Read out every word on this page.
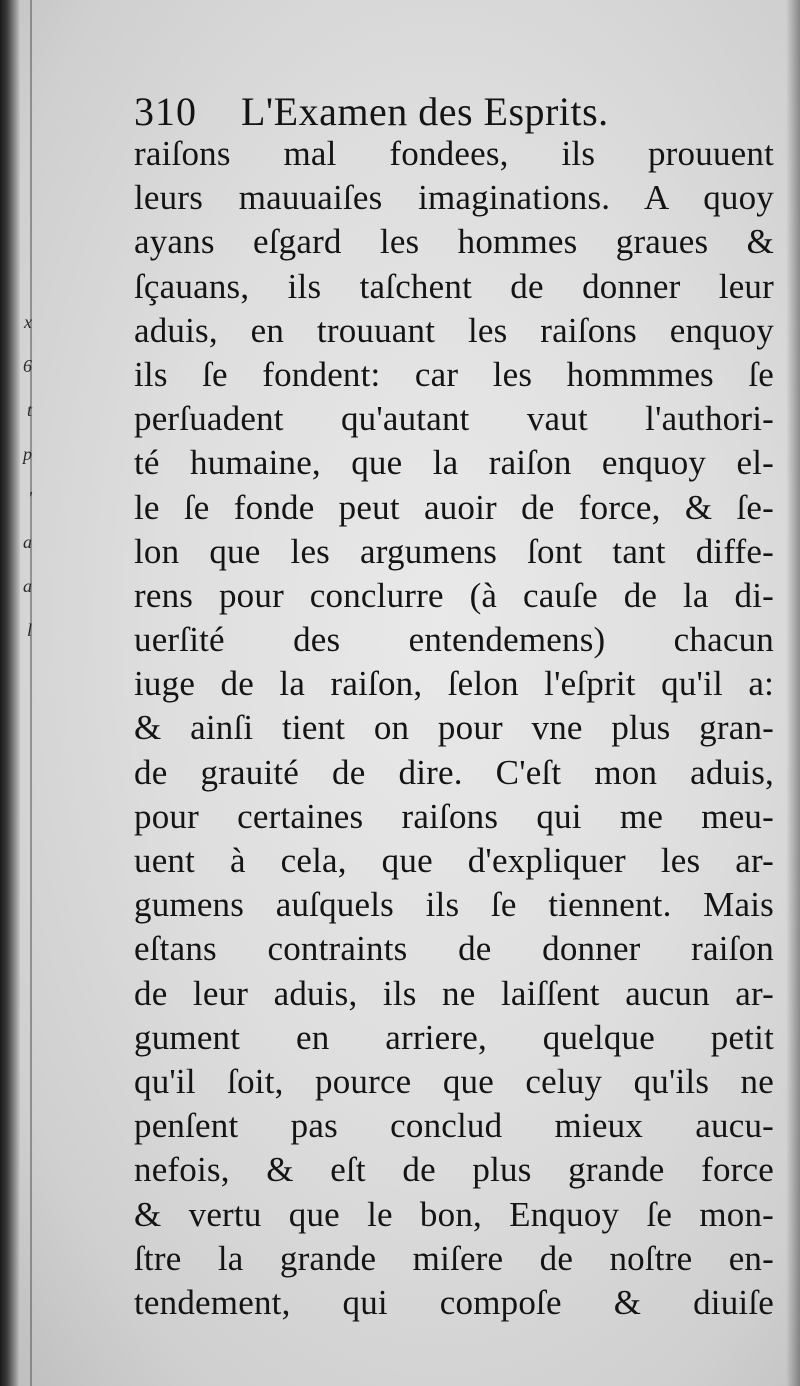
x
6
t
p
'
a
a
l
310 L'Examen des Esprits.
raiſons mal fondees, ils prouuent
leurs mauuaiſes imaginations. A quoy
ayans eſgard les hommes graues &
ſçauans, ils taſchent de donner leur
aduis, en trouuant les raiſons enquoy
ils ſe fondent: car les hommmes ſe
perſuadent qu'autant vaut l'authori-
té humaine, que la raiſon enquoy el-
le ſe fonde peut auoir de force, & ſe-
lon que les argumens ſont tant diffe-
rens pour conclurre (à cauſe de la di-
uerſité des entendemens) chacun
iuge de la raiſon, ſelon l'eſprit qu'il a:
& ainſi tient on pour vne plus gran-
de grauité de dire. C'eſt mon aduis,
pour certaines raiſons qui me meu-
uent à cela, que d'expliquer les ar-
gumens auſquels ils ſe tiennent. Mais
eſtans contraints de donner raiſon
de leur aduis, ils ne laiſſent aucun ar-
gument en arriere, quelque petit
qu'il ſoit, pource que celuy qu'ils ne
penſent pas conclud mieux aucu-
nefois, & eſt de plus grande force
& vertu que le bon, Enquoy ſe mon-
ſtre la grande miſere de noſtre en-
tendement, qui compoſe & diuiſe
